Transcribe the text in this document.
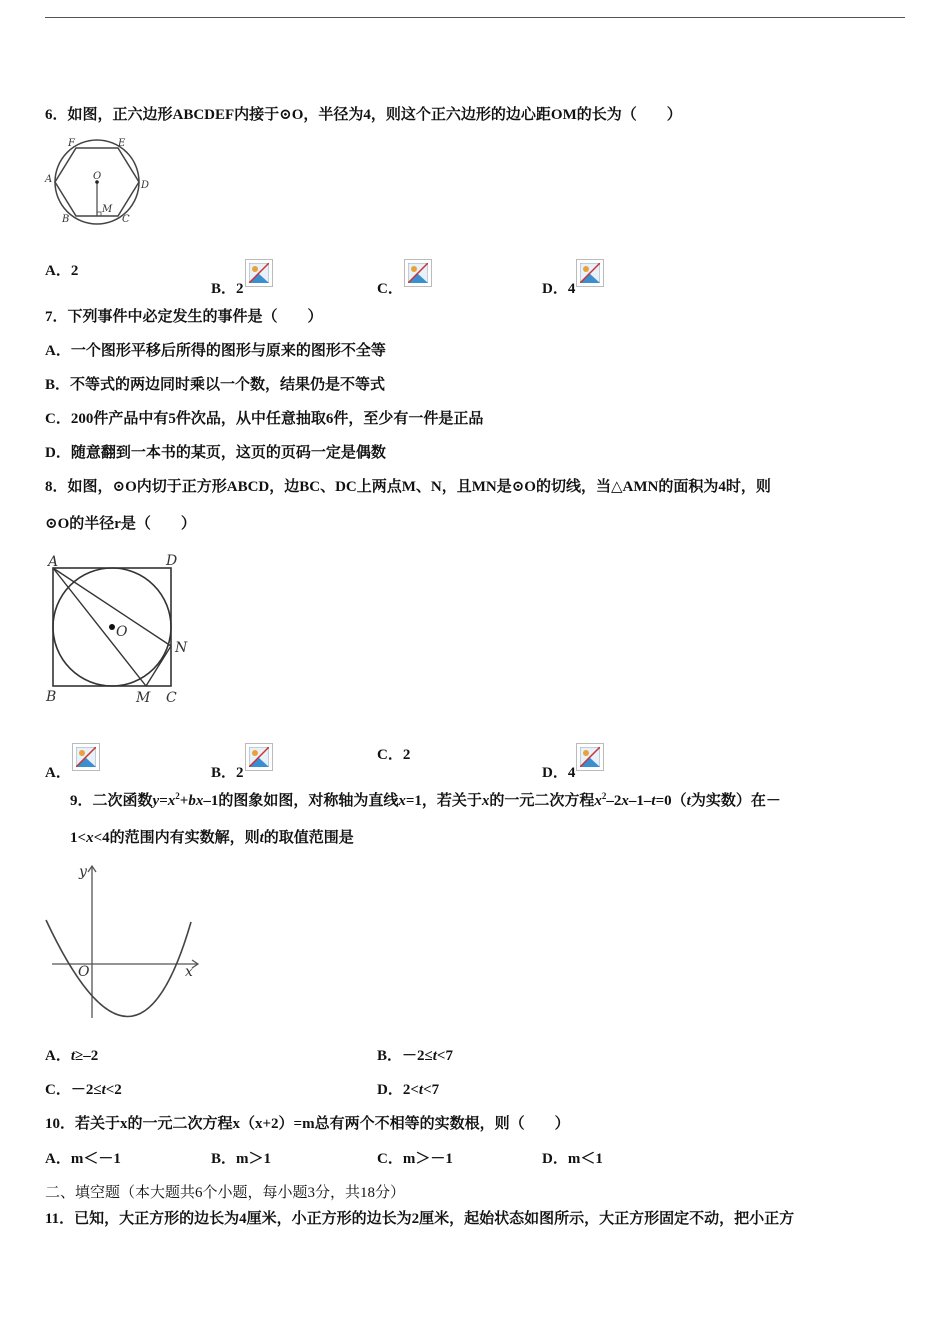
6．如图，正六边形ABCDEF内接于⊙O，半径为4，则这个正六边形的边心距OM的长为（　　）
F	E
A	O
D
M
B	C
A．2
B．2	C．	D．4
7．下列事件中必定发生的事件是（　　）
A．一个图形平移后所得的图形与原来的图形不全等
B．不等式的两边同时乘以一个数，结果仍是不等式
C．200件产品中有5件次品，从中任意抽取6件，至少有一件是正品
D．随意翻到一本书的某页，这页的页码一定是偶数
8．如图，⊙O内切于正方形ABCD，边BC、DC上两点M、N，且MN是⊙O的切线，当△AMN的面积为4时，则
⊙O的半径r是（　　）
A	D
O
N
B	M C
A．	B．2
C．2
D．4
9．二次函数$y=x^2+bx-1$的图象如图，对称轴为直线x=1，若关于x的一元二次方程$x^2-2x-1-t=0(t$为实数）在－
1<x<4的范围内有实数解，则t的取值范围是
y
O	x
A．t≥–2	B．－2≤t<7
C．－2≤t<2	D．2<t<7
10．若关于x的一元二次方程x（x+2）=m总有两个不相等的实数根，则（　　）
A．m＜－1	B．m＞1	C．m＞－1	D．m＜1
二、填空题（本大题共6个小题，每小题3分，共18分）
11．已知，大正方形的边长为4厘米，小正方形的边长为2厘米，起始状态如图所示，大正方形固定不动，把小正方
